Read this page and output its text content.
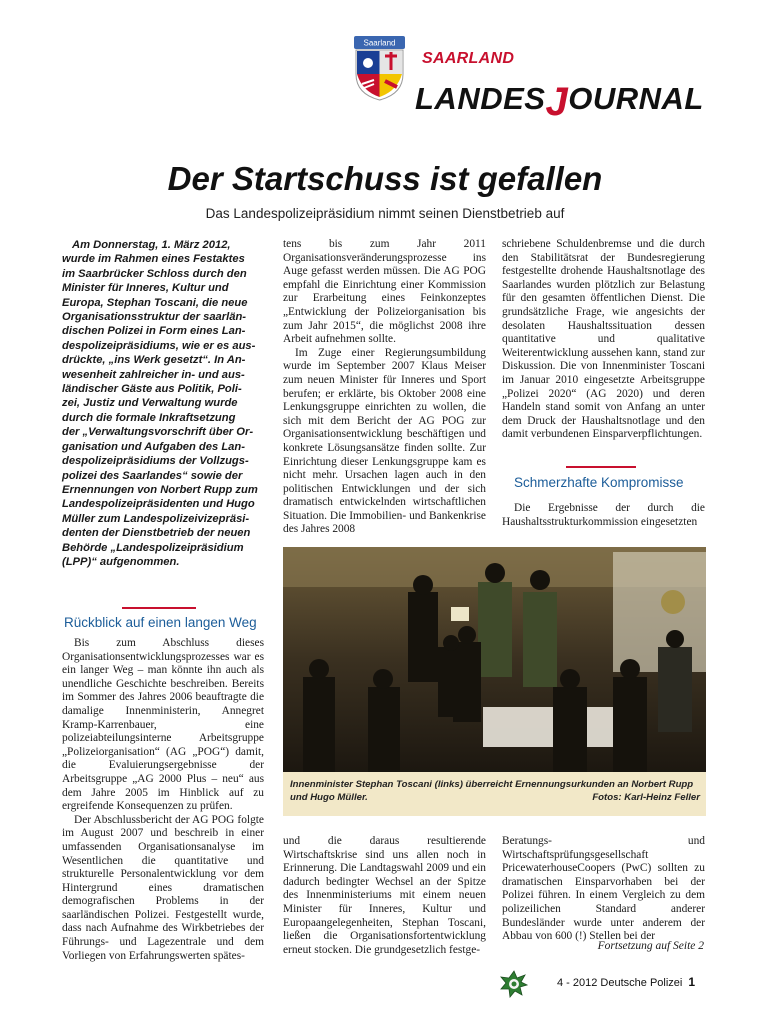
Saarland
SAARLAND
LANDESJOURNAL
Der Startschuss ist gefallen
Das Landespolizeipräsidium nimmt seinen Dienstbetrieb auf
Am Donnerstag, 1. März 2012,
wurde im Rahmen eines Festaktes
im Saarbrücker Schloss durch den
Minister für Inneres, Kultur und
Europa, Stephan Toscani, die neue
Organisationsstruktur der saarlän-
dischen Polizei in Form eines Lan-
despolizeipräsidiums, wie er es aus-
drückte, „ins Werk gesetzt“. In An-
wesenheit zahlreicher in- und aus-
ländischer Gäste aus Politik, Poli-
zei, Justiz und Verwaltung wurde
durch die formale Inkraftsetzung
der „Verwaltungsvorschrift über Or-
ganisation und Aufgaben des Lan-
despolizeipräsidiums der Vollzugs-
polizei des Saarlandes“ sowie der
Ernennungen von Norbert Rupp zum
Landespolizeipräsidenten und Hugo
Müller zum Landespolizeivizepräsi-
denten der Dienstbetrieb der neuen
Behörde „Landespolizeipräsidium
(LPP)“ aufgenommen.
Rückblick auf einen langen Weg

Bis zum Abschluss dieses Organisationsentwicklungsprozesses war es ein langer Weg – man könnte ihn auch als unendliche Geschichte beschreiben. Bereits im Sommer des Jahres 2006 beauftragte die damalige Innenministerin, Annegret Kramp-Karrenbauer, eine polizeiabteilungsinterne Arbeitsgruppe „Polizeiorganisation“ (AG „POG“) damit, die Evaluierungsergebnisse der Arbeitsgruppe „AG 2000 Plus – neu“ aus dem Jahre 2005 im Hinblick auf zu ergreifende Konsequenzen zu prüfen.

Der Abschlussbericht der AG POG folgte im August 2007 und beschreib in einer umfassenden Organisationsanalyse im Wesentlichen die quantitative und strukturelle Personalentwicklung vor dem Hintergrund eines dramatischen demografischen Problems in der saarländischen Polizei. Festgestellt wurde, dass nach Aufnahme des Wirkbetriebes der Führungs- und Lagezentrale und dem Vorliegen von Erfahrungswerten spätes-

tens bis zum Jahr 2011 Organisationsveränderungsprozesse ins Auge gefasst werden müssen. Die AG POG empfahl die Einrichtung einer Kommission zur Erarbeitung eines Feinkonzeptes „Entwicklung der Polizeiorganisation bis zum Jahr 2015“, die möglichst 2008 ihre Arbeit aufnehmen sollte.

Im Zuge einer Regierungsumbildung wurde im September 2007 Klaus Meiser zum neuen Minister für Inneres und Sport berufen; er erklärte, bis Oktober 2008 eine Lenkungsgruppe einrichten zu wollen, die sich mit dem Bericht der AG POG zur Organisationsentwicklung beschäftigen und konkrete Lösungsansätze finden sollte. Zur Einrichtung dieser Lenkungsgruppe kam es nicht mehr. Ursachen lagen auch in den politischen Entwicklungen und der sich dramatisch entwickelnden wirtschaftlichen Situation. Die Immobilien- und Bankenkrise des Jahres 2008

schriebene Schuldenbremse und die durch den Stabilitätsrat der Bundesregierung festgestellte drohende Haushaltsnotlage des Saarlandes wurden plötzlich zur Belastung für den gesamten öffentlichen Dienst. Die grundsätzliche Frage, wie angesichts der desolaten Haushaltssituation dessen quantitative und qualitative Weiterentwicklung aussehen kann, stand zur Diskussion. Die von Innenminister Toscani im Januar 2010 eingesetzte Arbeitsgruppe „Polizei 2020“ (AG 2020) und deren Handeln stand somit von Anfang an unter dem Druck der Haushaltsnotlage und den damit verbundenen Einsparverpflichtungen.

Schmerzhafte Kompromisse

Die Ergebnisse der durch die Haushaltsstrukturkommission eingesetzten

Innenminister Stephan Toscani (links) überreicht Ernennungsurkunden an Norbert Rupp und Hugo Müller.	Fotos: Karl-Heinz Feller

und die daraus resultierende Wirtschaftskrise sind uns allen noch in Erinnerung. Die Landtagswahl 2009 und ein dadurch bedingter Wechsel an der Spitze des Innenministeriums mit einem neuen Minister für Inneres, Kultur und Europaangelegenheiten, Stephan Toscani, ließen die Organisationsfortentwicklung erneut stocken. Die grundgesetzlich festge-

Beratungs- und Wirtschaftsprüfungsgesellschaft PricewaterhouseCoopers (PwC) sollten zu dramatischen Einsparvorhaben bei der Polizei führen. In einem Vergleich zu dem polizeilichen Standard anderer Bundesländer wurde unter anderem der Abbau von 600 (!) Stellen bei der

Fortsetzung auf Seite 2
4 - 2012 Deutsche Polizei 1
